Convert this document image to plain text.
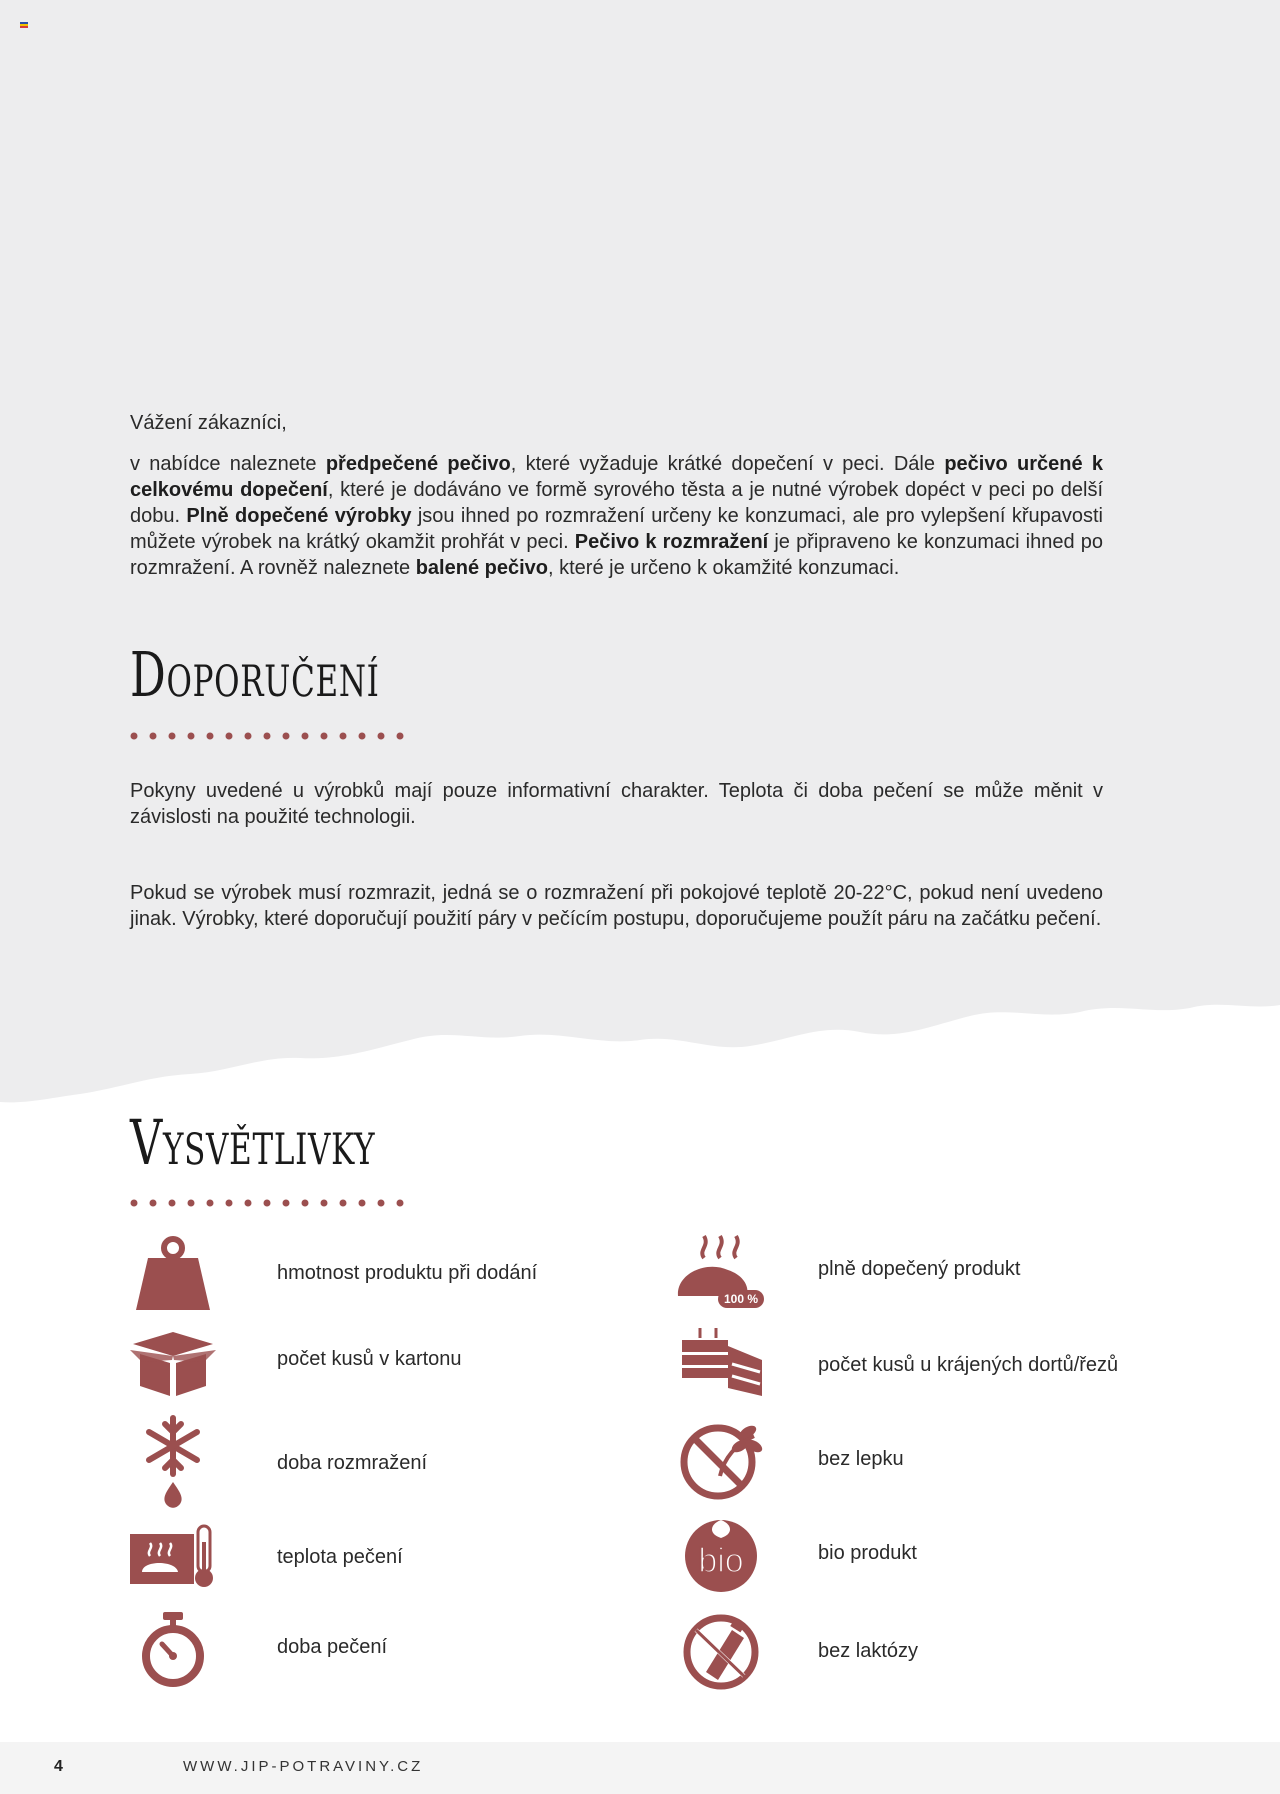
Vážení zákazníci,
v nabídce naleznete předpečené pečivo, které vyžaduje krátké dopečení v peci. Dále pečivo určené k celkovému dopečení, které je dodáváno ve formě syrového těsta a je nutné výrobek dopéct v peci po delší dobu. Plně dopečené výrobky jsou ihned po rozmražení určeny ke konzumaci, ale pro vylepšení křupavosti můžete výrobek na krátký okamžit prohřát v peci. Pečivo k rozmražení je připraveno ke konzumaci ihned po rozmražení. A rovněž naleznete balené pečivo, které je určeno k okamžité konzumaci.
Doporučení
Pokyny uvedené u výrobků mají pouze informativní charakter. Teplota či doba pečení se může měnit v závislosti na použité technologii.
Pokud se výrobek musí rozmrazit, jedná se o rozmražení při pokojové teplotě 20-22°C, pokud není uvedeno jinak. Výrobky, které doporučují použití páry v pečícím postupu, doporučujeme použít páru na začátku pečení.
Vysvětlivky
hmotnost produktu při dodání
počet kusů v kartonu
doba rozmražení
teplota pečení
doba pečení
100 %
plně dopečený produkt
počet kusů u krájených dortů/řezů
bez lepku
bio	bio produkt
bez laktózy
4	WWW.JIP-POTRAVINY.CZ
